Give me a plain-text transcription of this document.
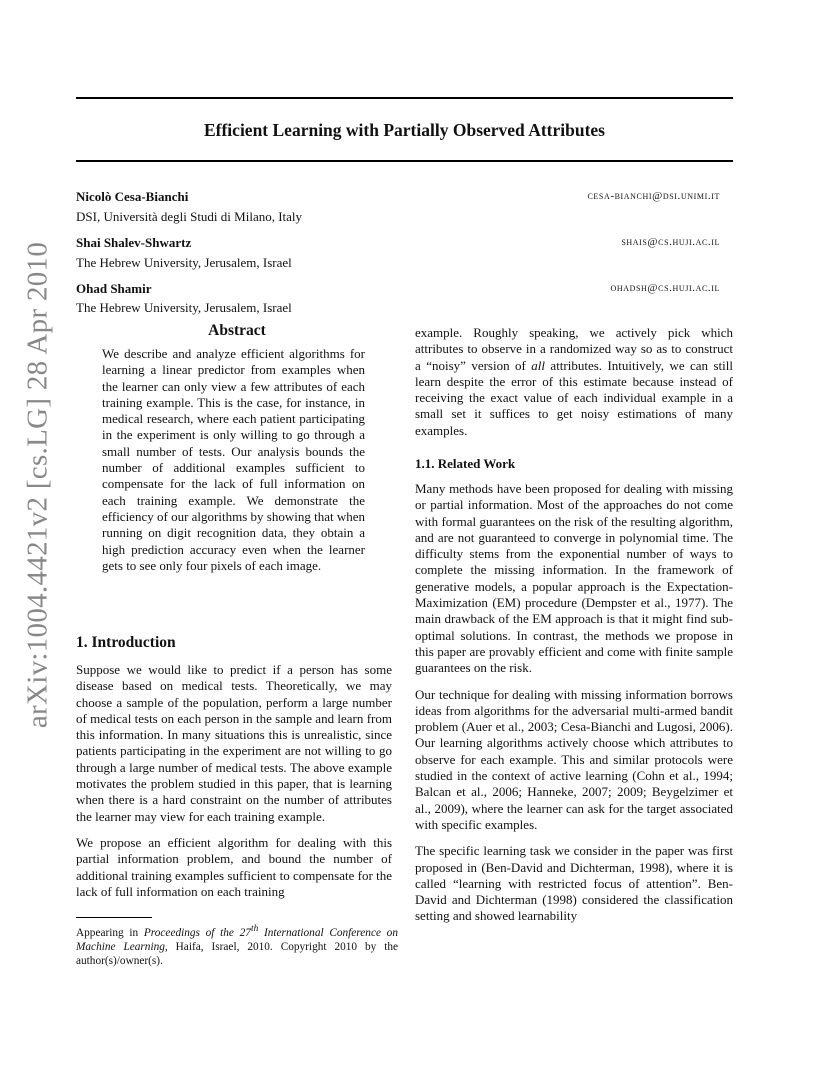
arXiv:1004.4421v2 [cs.LG] 28 Apr 2010
Efficient Learning with Partially Observed Attributes
Nicolò Cesa-Bianchi	cesa-bianchi@dsi.unimi.it
DSI, Università degli Studi di Milano, Italy
Shai Shalev-Shwartz	shais@cs.huji.ac.il
The Hebrew University, Jerusalem, Israel
Ohad Shamir	ohadsh@cs.huji.ac.il
The Hebrew University, Jerusalem, Israel
Abstract

We describe and analyze efficient algorithms for learning a linear predictor from examples when the learner can only view a few attributes of each training example. This is the case, for instance, in medical research, where each patient participating in the experiment is only willing to go through a small number of tests. Our analysis bounds the number of additional examples sufficient to compensate for the lack of full information on each training example. We demonstrate the efficiency of our algorithms by showing that when running on digit recognition data, they obtain a high prediction accuracy even when the learner gets to see only four pixels of each image.

1. Introduction

Suppose we would like to predict if a person has some disease based on medical tests. Theoretically, we may choose a sample of the population, perform a large number of medical tests on each person in the sample and learn from this information. In many situations this is unrealistic, since patients participating in the experiment are not willing to go through a large number of medical tests. The above example motivates the problem studied in this paper, that is learning when there is a hard constraint on the number of attributes the learner may view for each training example.

We propose an efficient algorithm for dealing with this partial information problem, and bound the number of additional training examples sufficient to compensate for the lack of full information on each training

Appearing in Proceedings of the 27th International Conference on Machine Learning, Haifa, Israel, 2010. Copyright 2010 by the author(s)/owner(s).

example. Roughly speaking, we actively pick which attributes to observe in a randomized way so as to construct a “noisy” version of all attributes. Intuitively, we can still learn despite the error of this estimate because instead of receiving the exact value of each individual example in a small set it suffices to get noisy estimations of many examples.

1.1. Related Work

Many methods have been proposed for dealing with missing or partial information. Most of the approaches do not come with formal guarantees on the risk of the resulting algorithm, and are not guaranteed to converge in polynomial time. The difficulty stems from the exponential number of ways to complete the missing information. In the framework of generative models, a popular approach is the Expectation-Maximization (EM) procedure (Dempster et al., 1977). The main drawback of the EM approach is that it might find sub-optimal solutions. In contrast, the methods we propose in this paper are provably efficient and come with finite sample guarantees on the risk.

Our technique for dealing with missing information borrows ideas from algorithms for the adversarial multi-armed bandit problem (Auer et al., 2003; Cesa-Bianchi and Lugosi, 2006). Our learning algorithms actively choose which attributes to observe for each example. This and similar protocols were studied in the context of active learning (Cohn et al., 1994; Balcan et al., 2006; Hanneke, 2007; 2009; Beygelzimer et al., 2009), where the learner can ask for the target associated with specific examples.

The specific learning task we consider in the paper was first proposed in (Ben-David and Dichterman, 1998), where it is called “learning with restricted focus of attention”. Ben-David and Dichterman (1998) considered the classification setting and showed learnability
